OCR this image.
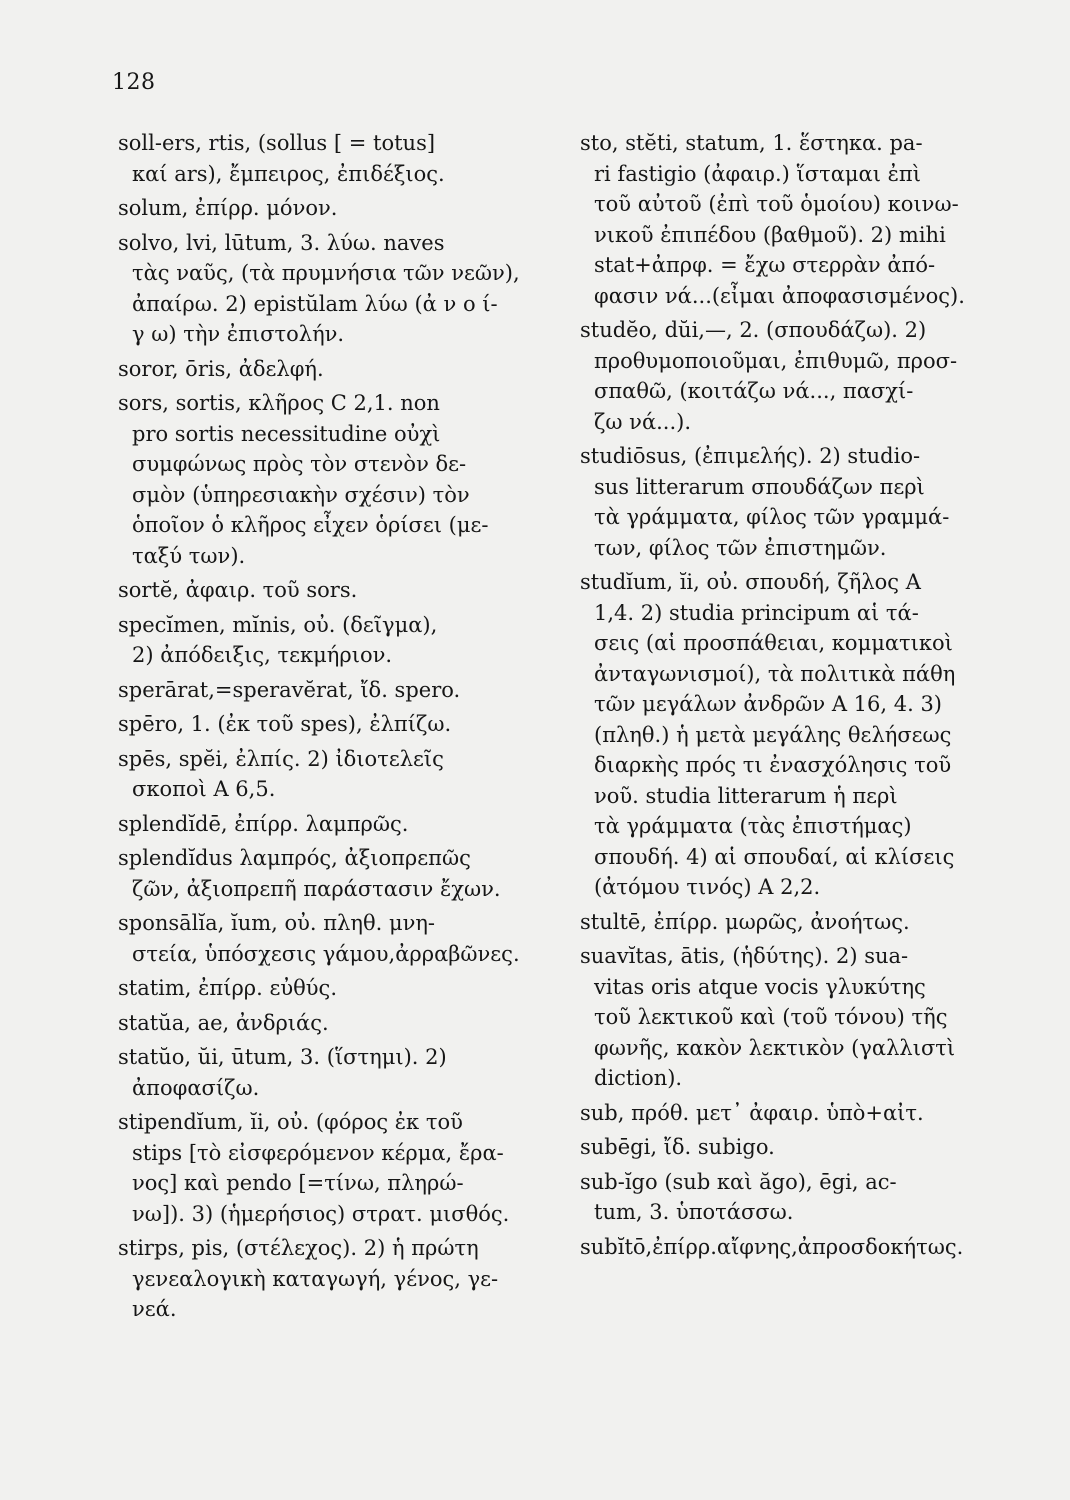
128
soll-ers, rtis, (sollus [ = totus]
καί ars), ἔμπειρος, ἐπιδέξιος.
solum, ἐπίρρ. μόνον.
solvo, lvi, lūtum, 3. λύω. naves
τὰς ναῦς, (τὰ πρυμνήσια τῶν νεῶν),
ἀπαίρω. 2) epistŭlam λύω (ἀ ν ο ί-
γ ω) τὴν ἐπιστολήν.
soror, ōris, ἀδελφή.
sors, sortis, κλῆρος C 2,1. non
pro sortis necessitudine οὐχὶ
συμφώνως πρὸς τὸν στενὸν δε-
σμὸν (ὑπηρεσιακὴν σχέσιν) τὸν
ὁποῖον ὁ κλῆρος εἶχεν ὁρίσει (με-
ταξύ των).
sortĕ, ἀφαιρ. τοῦ sors.
specĭmen, mĭnis, οὐ. (δεῖγμα),
2) ἀπόδειξις, τεκμήριον.
sperārat,=speravĕrat, ἴδ. spero.
spēro, 1. (ἐκ τοῦ spes), ἐλπίζω.
spēs, spĕi, ἐλπίς. 2) ἰδιοτελεῖς
σκοποὶ A 6,5.
splendĭdē, ἐπίρρ. λαμπρῶς.
splendĭdus λαμπρός, ἀξιοπρεπῶς
ζῶν, ἀξιοπρεπῆ παράστασιν ἔχων.
sponsālĭa, ĭum, οὐ. πληθ. μνη-
στεία, ὑπόσχεσις γάμου,ἀρραβῶνες.
statim, ἐπίρρ. εὐθύς.
statŭa, ae, ἀνδριάς.
statŭo, ŭi, ūtum, 3. (ἵστημι). 2)
ἀποφασίζω.
stipendĭum, ĭi, οὐ. (φόρος ἐκ τοῦ
stips [τὸ εἰσφερόμενον κέρμα, ἔρα-
νος] καὶ pendo [=τίνω, πληρώ-
νω]). 3) (ἡμερήσιος) στρατ. μισθός.
stirps, pis, (στέλεχος). 2) ἡ πρώτη
γενεαλογικὴ καταγωγή, γένος, γε-
νεά.
sto, stĕti, statum, 1. ἕστηκα. pa-
ri fastigio (ἀφαιρ.) ἵσταμαι ἐπὶ
τοῦ αὐτοῦ (ἐπὶ τοῦ ὁμοίου) κοινω-
νικοῦ ἐπιπέδου (βαθμοῦ). 2) mihi
stat+ἀπρφ. = ἔχω στερρὰν ἀπό-
φασιν νά...(εἶμαι ἀποφασισμένος).
studĕo, dŭi,—, 2. (σπουδάζω). 2)
προθυμοποιοῦμαι, ἐπιθυμῶ, προσ-
σπαθῶ, (κοιτάζω νά..., πασχί-
ζω νά...).
studiōsus, (ἐπιμελής). 2) studio-
sus litterarum σπουδάζων περὶ
τὰ γράμματα, φίλος τῶν γραμμά-
των, φίλος τῶν ἐπιστημῶν.
studĭum, ĭi, οὐ. σπουδή, ζῆλος A
1,4. 2) studia principum αἱ τά-
σεις (αἱ προσπάθειαι, κομματικοὶ
ἀνταγωνισμοί), τὰ πολιτικὰ πάθη
τῶν μεγάλων ἀνδρῶν A 16, 4. 3)
(πληθ.) ἡ μετὰ μεγάλης θελήσεως
διαρκὴς πρός τι ἐνασχόλησις τοῦ
νοῦ. studia litterarum ἡ περὶ
τὰ γράμματα (τὰς ἐπιστήμας)
σπουδή. 4) αἱ σπουδαί, αἱ κλίσεις
(ἀτόμου τινός) A 2,2.
stultē, ἐπίρρ. μωρῶς, ἀνοήτως.
suavĭtas, ātis, (ἡδύτης). 2) sua-
vitas oris atque vocis γλυκύτης
τοῦ λεκτικοῦ καὶ (τοῦ τόνου) τῆς
φωνῆς, κακὸν λεκτικὸν (γαλλιστὶ
diction).
sub, πρόθ. μετ᾽ ἀφαιρ. ὑπὸ+αἰτ.
subēgi, ἴδ. subigo.
sub-ĭgo (sub καὶ ăgo), ēgi, ac-
tum, 3. ὑποτάσσω.
subĭtō,ἐπίρρ.αἴφνης,ἀπροσδοκήτως.
